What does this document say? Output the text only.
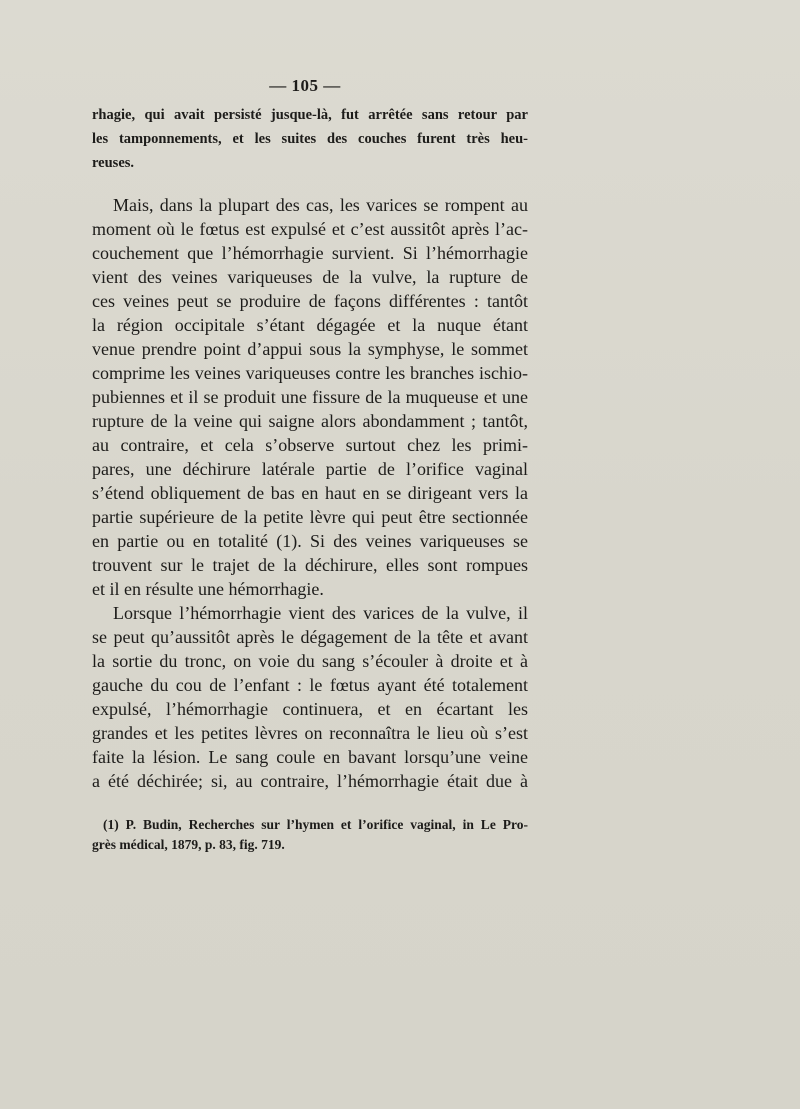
— 105 —
rhagie, qui avait persisté jusque-là, fut arrêtée sans retour par
les tamponnements, et les suites des couches furent très heu-
reuses.
Mais, dans la plupart des cas, les varices se rompent au
moment où le fœtus est expulsé et c’est aussitôt après l’ac-
couchement que l’hémorrhagie survient. Si l’hémorrhagie
vient des veines variqueuses de la vulve, la rupture de
ces veines peut se produire de façons différentes : tantôt
la région occipitale s’étant dégagée et la nuque étant
venue prendre point d’appui sous la symphyse, le sommet
comprime les veines variqueuses contre les branches ischio-
pubiennes et il se produit une fissure de la muqueuse et une
rupture de la veine qui saigne alors abondamment ; tantôt,
au contraire, et cela s’observe surtout chez les primi-
pares, une déchirure latérale partie de l’orifice vaginal
s’étend obliquement de bas en haut en se dirigeant vers la
partie supérieure de la petite lèvre qui peut être sectionnée
en partie ou en totalité (1). Si des veines variqueuses se
trouvent sur le trajet de la déchirure, elles sont rompues
et il en résulte une hémorrhagie.
Lorsque l’hémorrhagie vient des varices de la vulve, il
se peut qu’aussitôt après le dégagement de la tête et avant
la sortie du tronc, on voie du sang s’écouler à droite et à
gauche du cou de l’enfant : le fœtus ayant été totalement
expulsé, l’hémorrhagie continuera, et en écartant les
grandes et les petites lèvres on reconnaîtra le lieu où s’est
faite la lésion. Le sang coule en bavant lorsqu’une veine
a été déchirée; si, au contraire, l’hémorrhagie était due à
(1) P. Budin, Recherches sur l’hymen et l’orifice vaginal, in Le Pro-
grès médical, 1879, p. 83, fig. 719.
